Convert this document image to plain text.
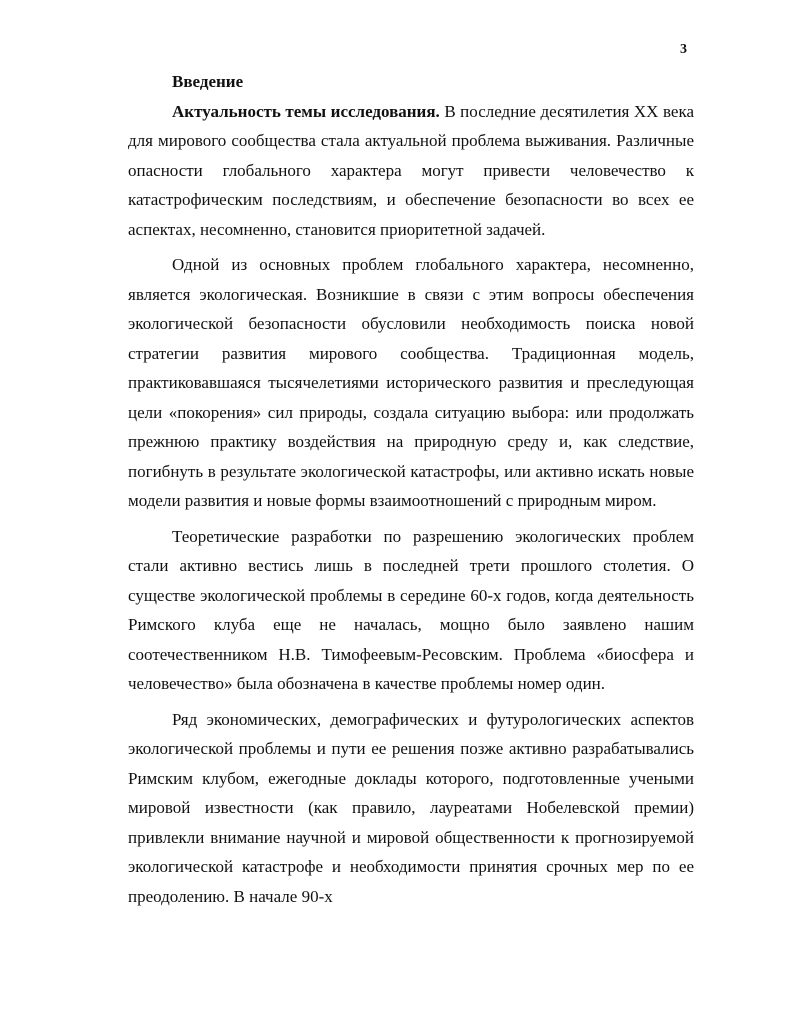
3
Введение

Актуальность темы исследования. В последние десятилетия XX века для мирового сообщества стала актуальной проблема выживания. Различные опасности глобального характера могут привести человечество к катастрофическим последствиям, и обеспечение безопасности во всех ее аспектах, несомненно, становится приоритетной задачей.

Одной из основных проблем глобального характера, несомненно, является экологическая. Возникшие в связи с этим вопросы обеспечения экологической безопасности обусловили необходимость поиска новой стратегии развития мирового сообщества. Традиционная модель, практиковавшаяся тысячелетиями исторического развития и преследующая цели «покорения» сил природы, создала ситуацию выбора: или продолжать прежнюю практику воздействия на природную среду и, как следствие, погибнуть в результате экологической катастрофы, или активно искать новые модели развития и новые формы взаимоотношений с природным миром.

Теоретические разработки по разрешению экологических проблем стали активно вестись лишь в последней трети прошлого столетия. О существе экологической проблемы в середине 60-х годов, когда деятельность Римского клуба еще не началась, мощно было заявлено нашим соотечественником Н.В. Тимофеевым-Ресовским. Проблема «биосфера и человечество» была обозначена в качестве проблемы номер один.

Ряд экономических, демографических и футурологических аспектов экологической проблемы и пути ее решения позже активно разрабатывались Римским клубом, ежегодные доклады которого, подготовленные учеными мировой известности (как правило, лауреатами Нобелевской премии) привлекли внимание научной и мировой общественности к прогнозируемой экологической катастрофе и необходимости принятия срочных мер по ее преодолению. В начале 90-х
